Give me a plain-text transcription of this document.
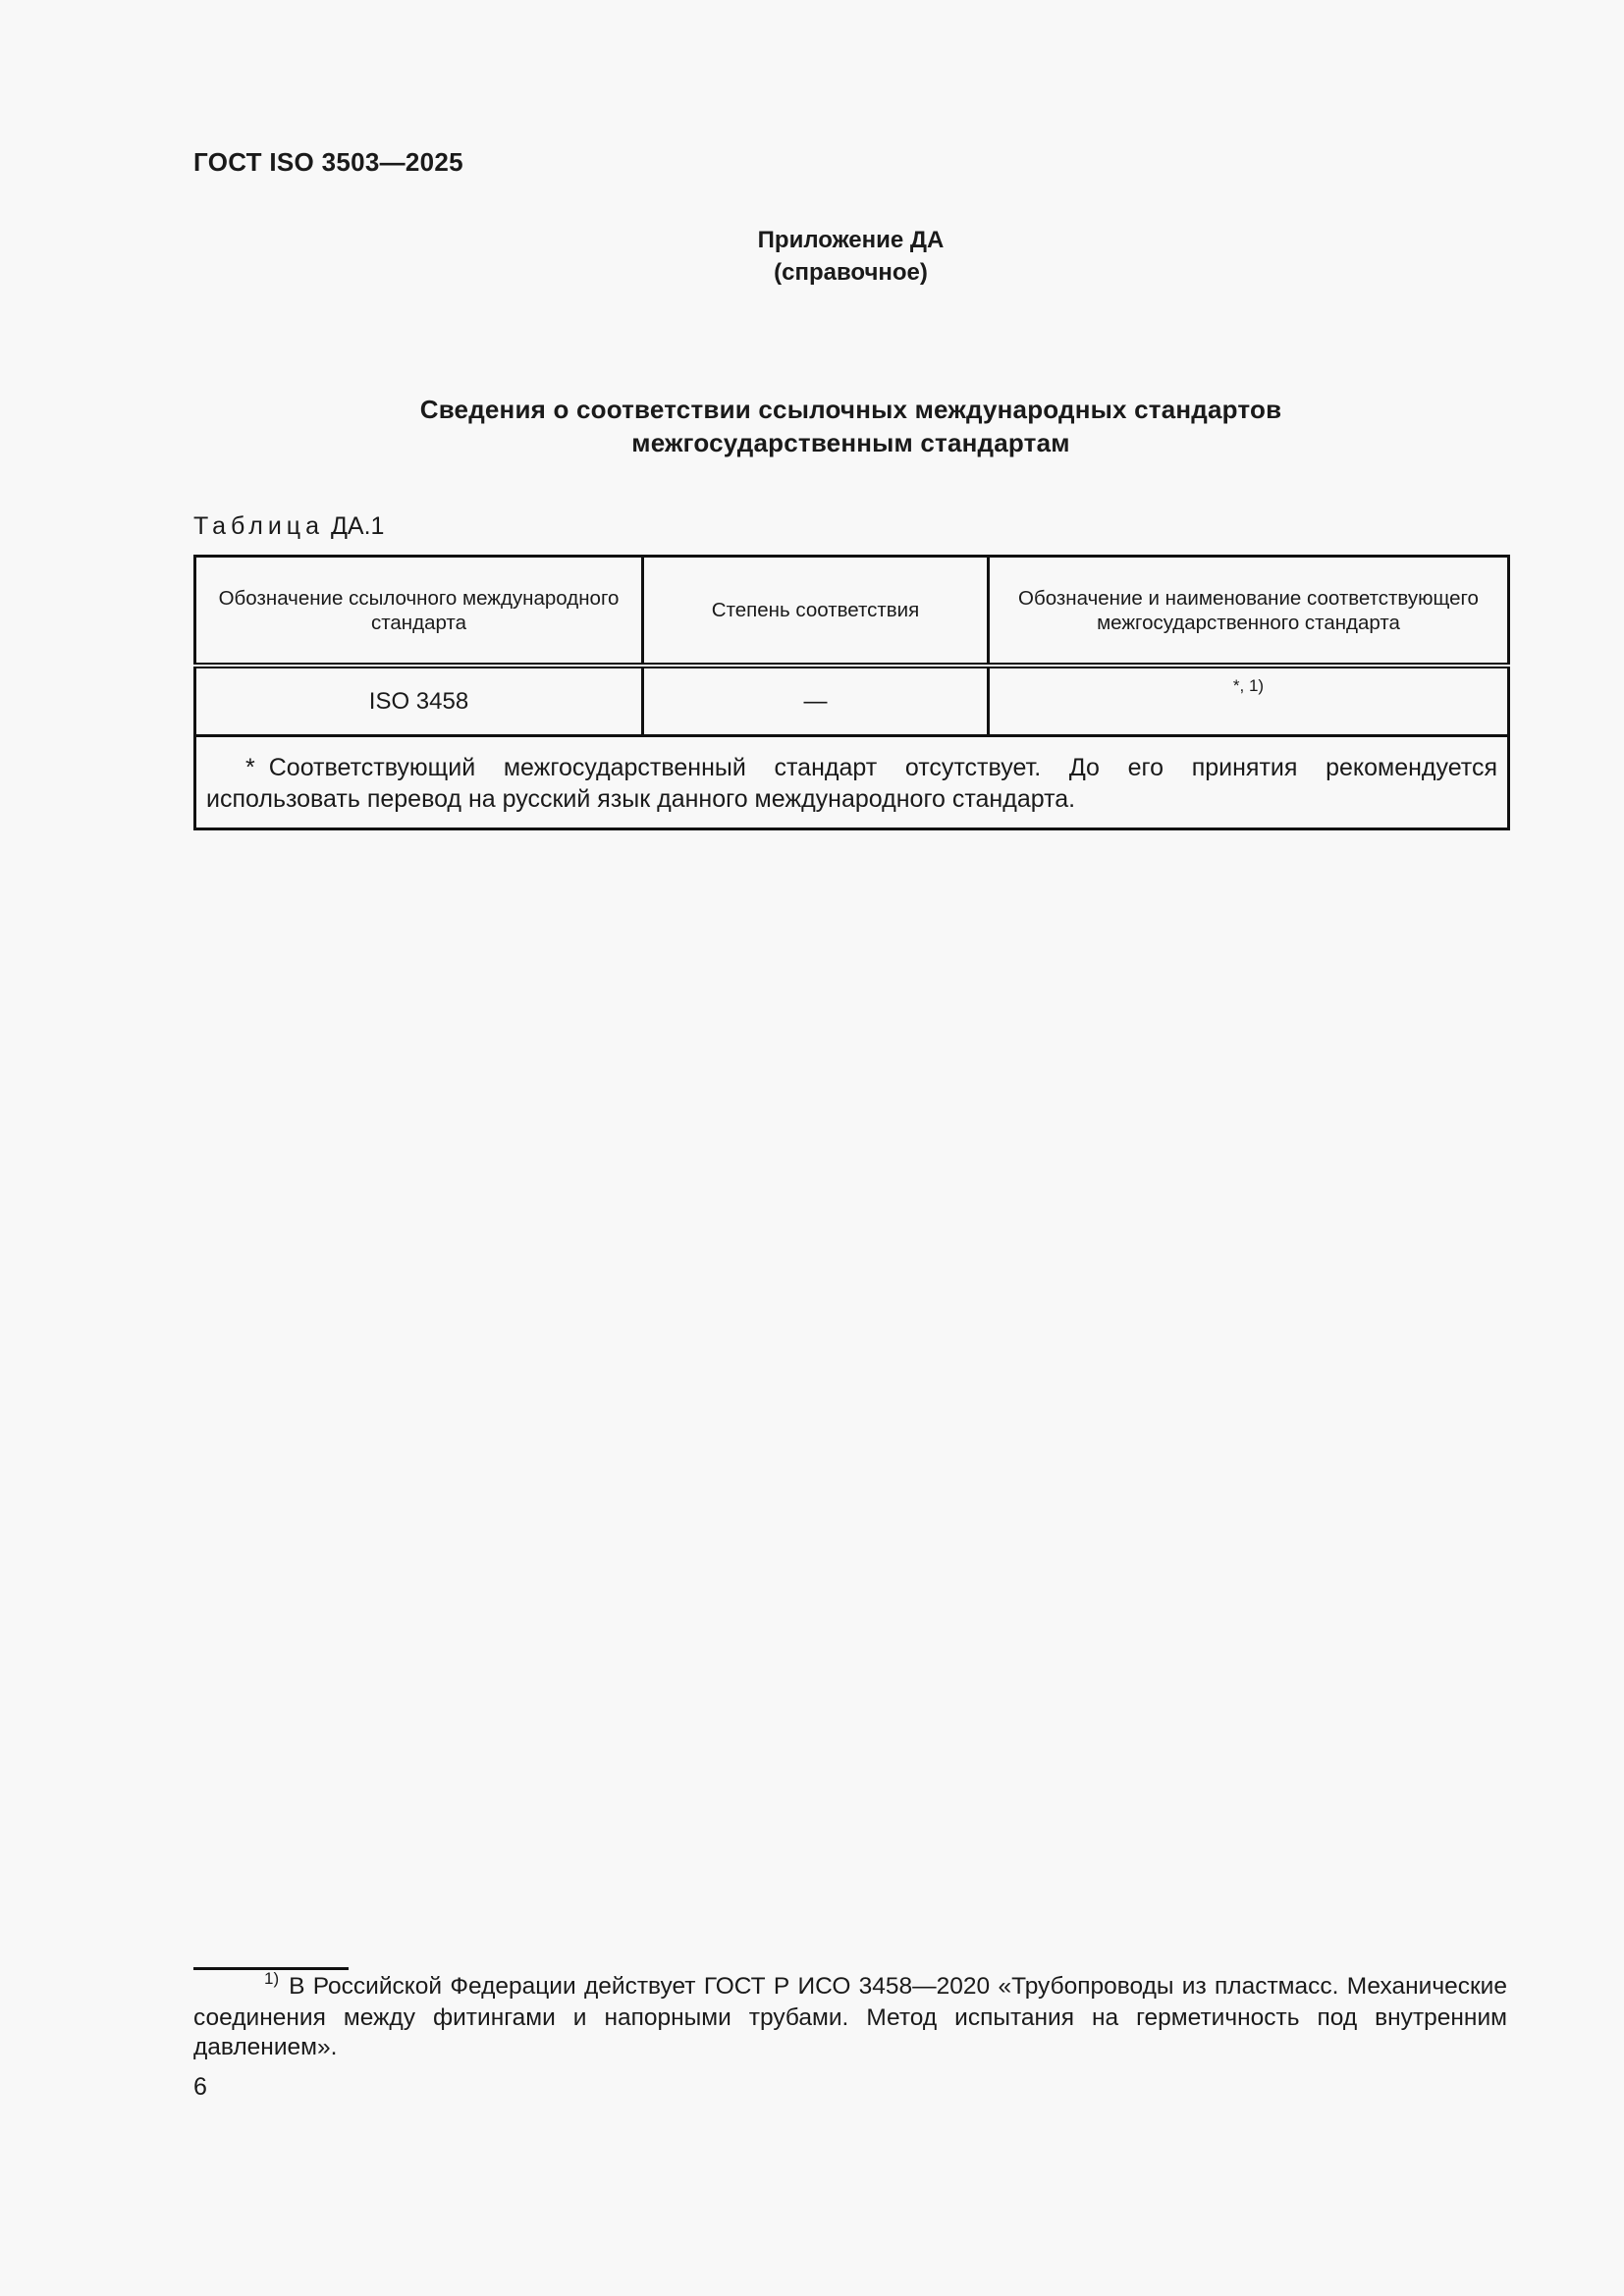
ГОСТ ISO 3503—2025
Приложение ДА
(справочное)
Сведения о соответствии ссылочных международных стандартов
межгосударственным стандартам
Таблица ДА.1
Обозначение ссылочного международного стандарта	Степень соответствия	Обозначение и наименование соответствующего межгосударственного стандарта
ISO 3458	—	*, 1)
* Соответствующий межгосударственный стандарт отсутствует. До его принятия рекомендуется использовать перевод на русский язык данного международного стандарта.		
$^{1)}$ В Российской Федерации действует ГОСТ Р ИСО 3458—2020 «Трубопроводы из пластмасс. Механические соединения между фитингами и напорными трубами. Метод испытания на герметичность под внутренним давлением».
6
